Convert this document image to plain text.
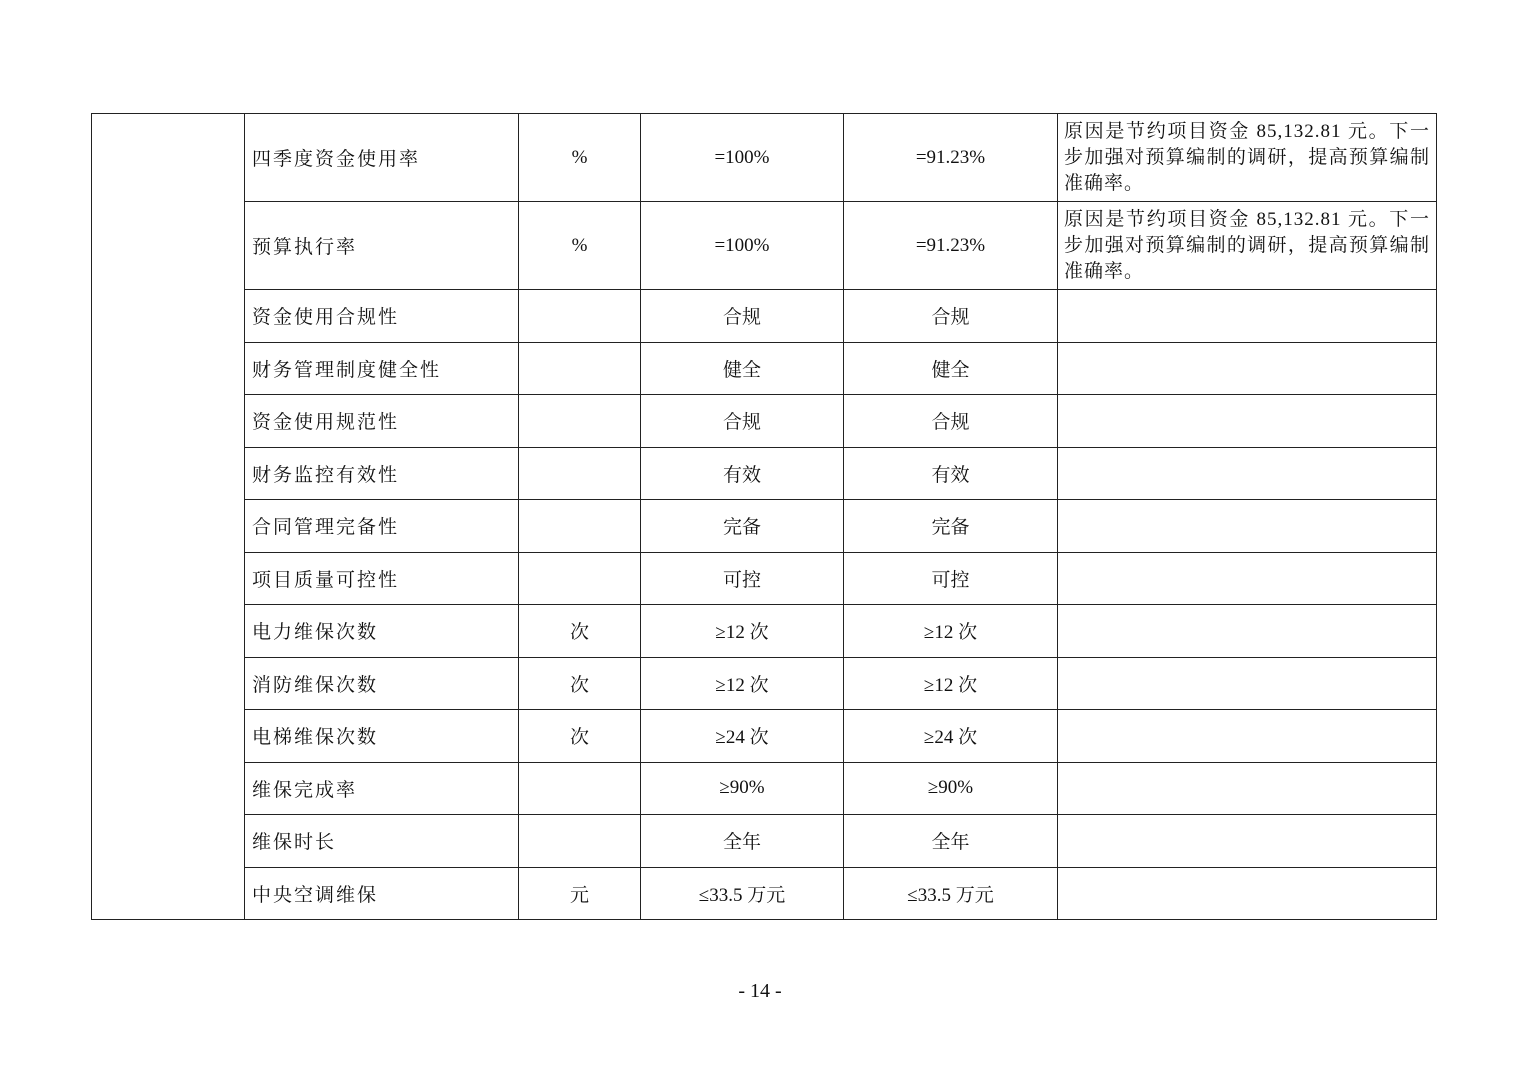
	四季度资金使用率	%	=100%	=91.23%	原因是节约项目资金 85,132.81 元。下一步加强对预算编制的调研，提高预算编制准确率。

	预算执行率	%	=100%	=91.23%	原因是节约项目资金 85,132.81 元。下一步加强对预算编制的调研，提高预算编制准确率。

	资金使用合规性		合规	合规	
	财务管理制度健全性		健全	健全	
	资金使用规范性		合规	合规	
	财务监控有效性		有效	有效	
	合同管理完备性		完备	完备	
	项目质量可控性		可控	可控	
	电力维保次数	次	≥12 次	≥12 次	
	消防维保次数	次	≥12 次	≥12 次	
	电梯维保次数	次	≥24 次	≥24 次	
	维保完成率		≥90%	≥90%	
	维保时长		全年	全年	
	中央空调维保	元	≤33.5 万元	≤33.5 万元	
- 14 -
